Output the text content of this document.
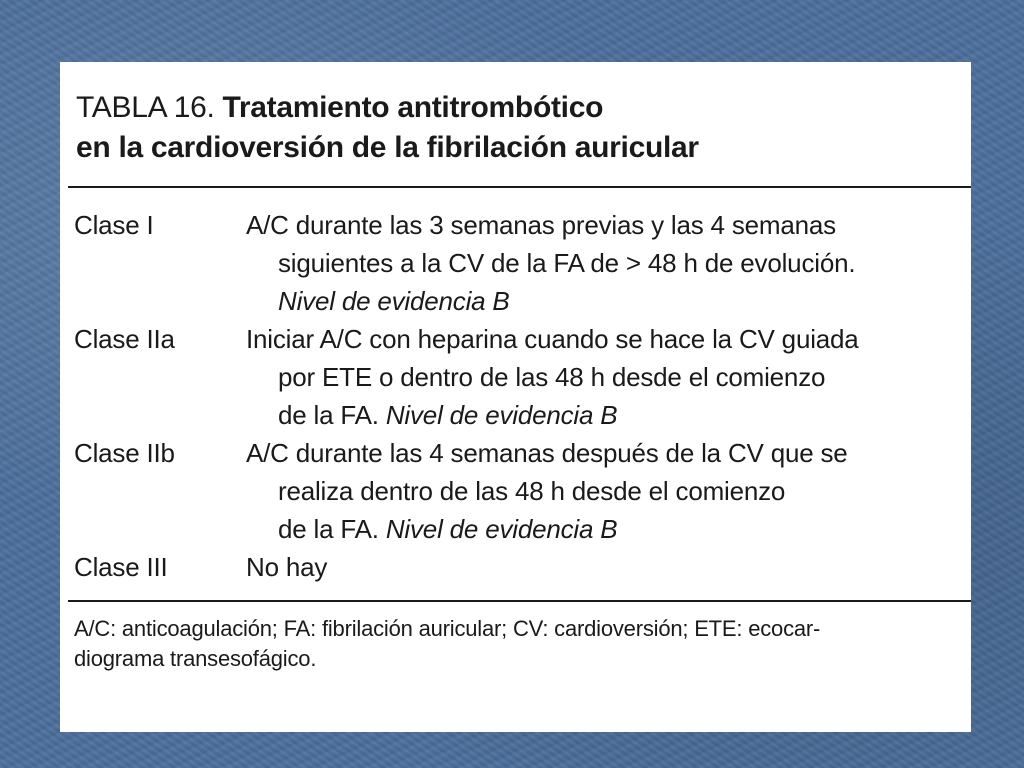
TABLA 16. Tratamiento antitrombótico
en la cardioversión de la fibrilación auricular
Clase I	A/C durante las 3 semanas previas y las 4 semanas
siguientes a la CV de la FA de > 48 h de evolución.
Nivel de evidencia B
Clase IIa	Iniciar A/C con heparina cuando se hace la CV guiada
por ETE o dentro de las 48 h desde el comienzo
de la FA. Nivel de evidencia B
Clase IIb	A/C durante las 4 semanas después de la CV que se
realiza dentro de las 48 h desde el comienzo
de la FA. Nivel de evidencia B
Clase III	No hay
A/C: anticoagulación; FA: fibrilación auricular; CV: cardioversión; ETE: ecocar-
diograma transesofágico.
